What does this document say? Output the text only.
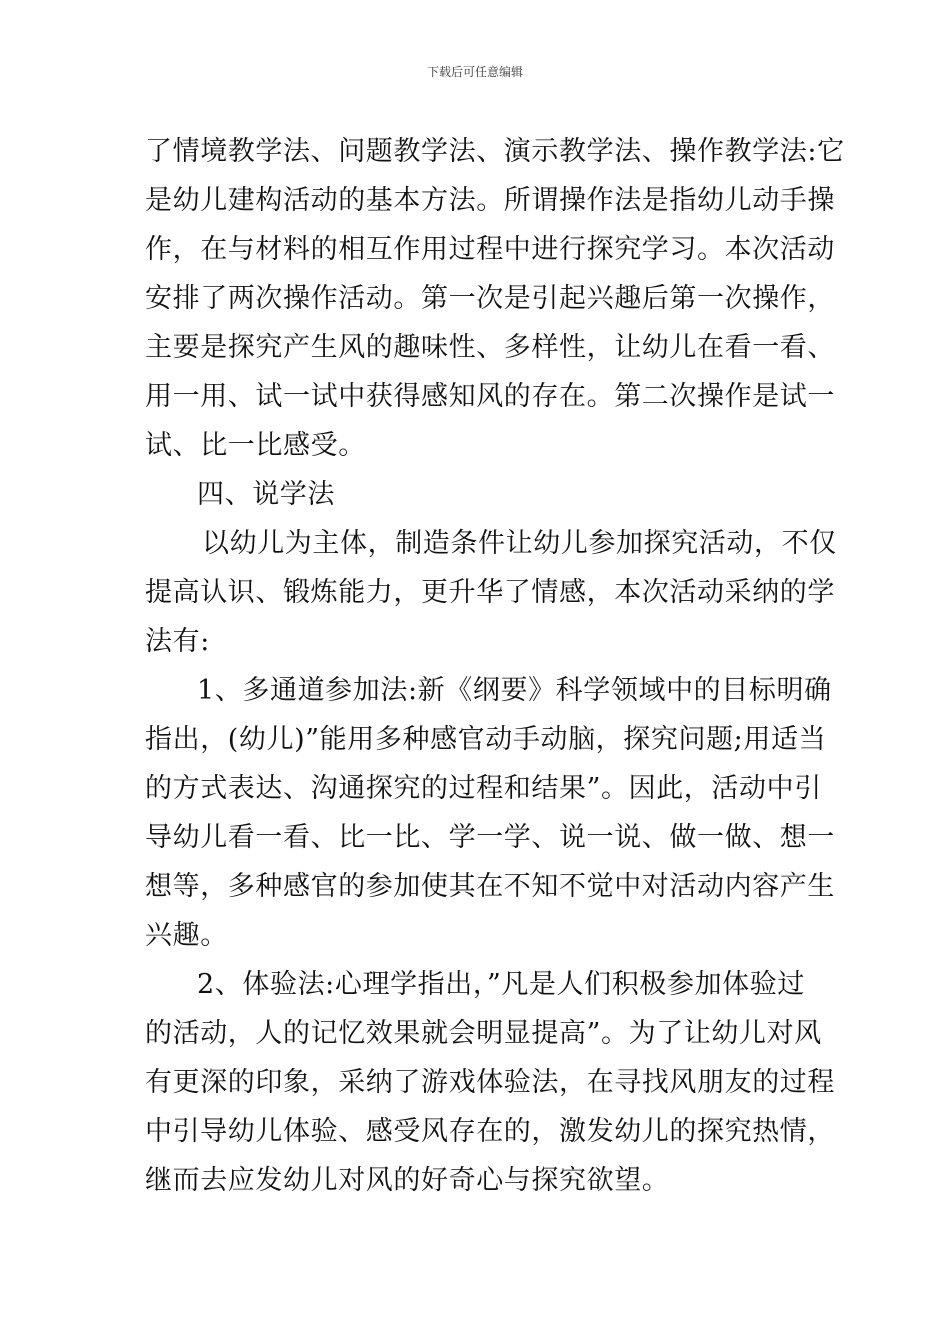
下载后可任意编辑
了情境教学法、问题教学法、演示教学法、操作教学法:它
是幼儿建构活动的基本方法。所谓操作法是指幼儿动手操
作，在与材料的相互作用过程中进行探究学习。本次活动
安排了两次操作活动。第一次是引起兴趣后第一次操作，
主要是探究产生风的趣味性、多样性，让幼儿在看一看、
用一用、试一试中获得感知风的存在。第二次操作是试一
试、比一比感受。
四、说学法
以幼儿为主体，制造条件让幼儿参加探究活动，不仅
提高认识、锻炼能力，更升华了情感，本次活动采纳的学
法有:
1、多通道参加法:新《纲要》科学领域中的目标明确
指出，(幼儿)”能用多种感官动手动脑，探究问题;用适当
的方式表达、沟通探究的过程和结果”。因此，活动中引
导幼儿看一看、比一比、学一学、说一说、做一做、想一
想等，多种感官的参加使其在不知不觉中对活动内容产生
兴趣。
2、体验法:心理学指出，”凡是人们积极参加体验过
的活动，人的记忆效果就会明显提高”。为了让幼儿对风
有更深的印象，采纳了游戏体验法，在寻找风朋友的过程
中引导幼儿体验、感受风存在的，激发幼儿的探究热情，
继而去应发幼儿对风的好奇心与探究欲望。
